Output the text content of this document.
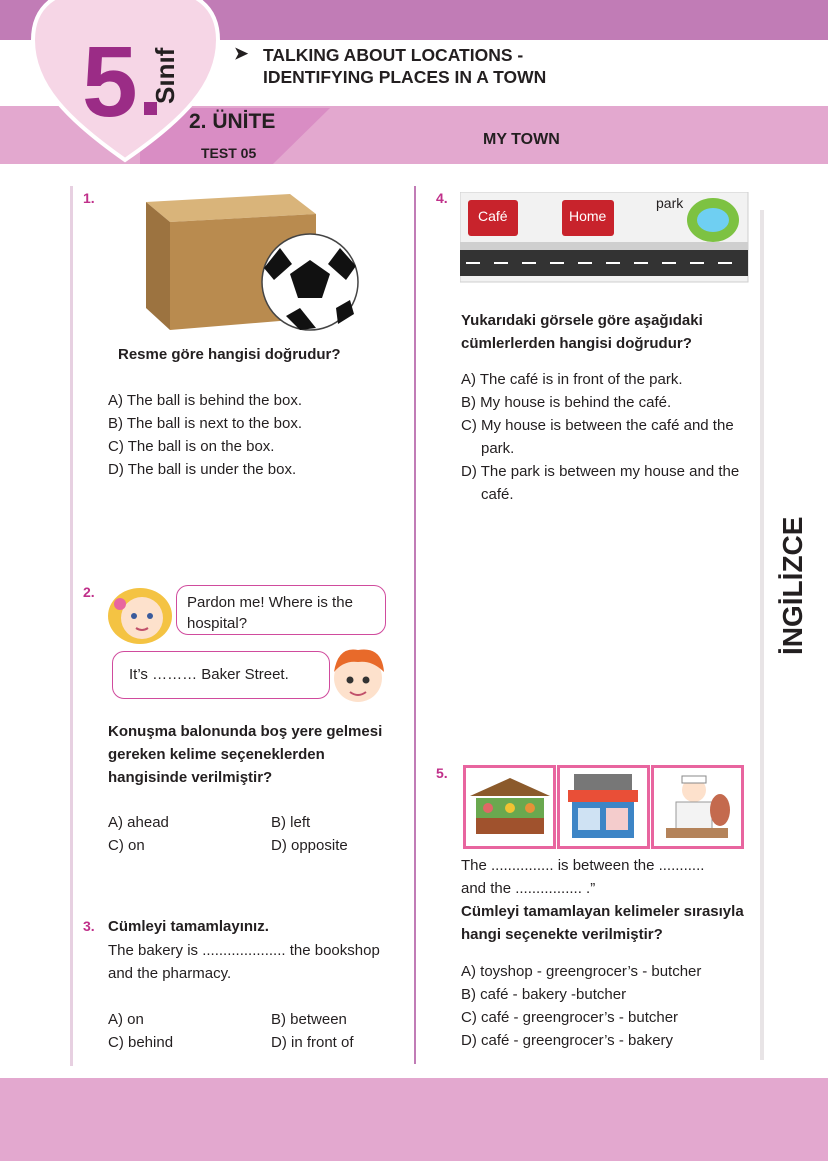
5 Sınıf	➤ TALKING ABOUT LOCATIONS -
IDENTIFYING PLACES IN A TOWN
2. ÜNİTE
TEST 05
MY TOWN
İNGİLİZCE
1.
Resme göre hangisi doğrudur?
A) The ball is behind the box.
B) The ball is next to the box.
C) The ball is on the box.
D) The ball is under the box.
2.
Pardon me! Where is the hospital?
It’s ……… Baker Street.
Konuşma balonunda boş yere gelmesi gereken kelime seçeneklerden hangisinde verilmiştir?
A) ahead	B) left
C) on	D) opposite
3. Cümleyi tamamlayınız.
The bakery is .................... the bookshop and the pharmacy.
A) on	B) between
C) behind	D) in front of
4.
Café	Home
park
Yukarıdaki görsele göre aşağıdaki cümlerlerden hangisi doğrudur?
A) The café is in front of the park.
B) My house is behind the café.
C) My house is between the café and the park.
D) The park is between my house and the café.
5.
The ............... is between the ...........
and the ................ .”
Cümleyi tamamlayan kelimeler sırasıyla hangi seçenekte verilmiştir?
A) toyshop - greengrocer’s - butcher
B) café - bakery -butcher
C) café - greengrocer’s - butcher
D) café - greengrocer’s - bakery
